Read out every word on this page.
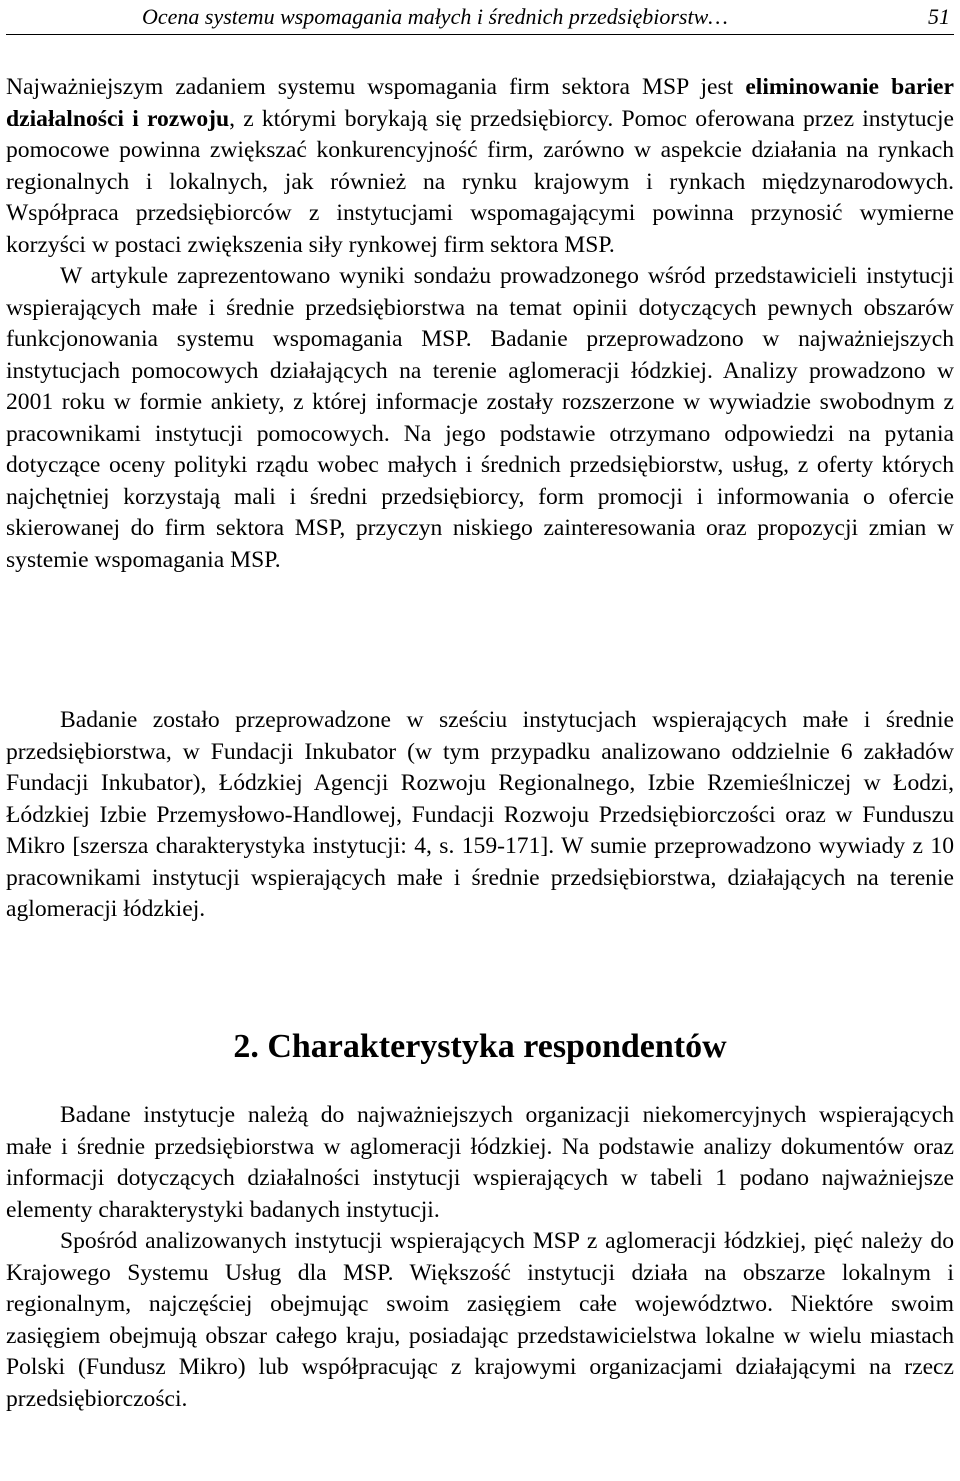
Ocena systemu wspomagania małych i średnich przedsiębiorstw…	51

Najważniejszym zadaniem systemu wspomagania firm sektora MSP jest eliminowanie barier działalności i rozwoju, z którymi borykają się przedsiębiorcy. Pomoc oferowana przez instytucje pomocowe powinna zwiększać konkurencyjność firm, zarówno w aspekcie działania na rynkach regionalnych i lokalnych, jak również na rynku krajowym i rynkach międzynarodowych. Współpraca przedsiębiorców z instytucjami wspomagającymi powinna przynosić wymierne korzyści w postaci zwiększenia siły rynkowej firm sektora MSP.

W artykule zaprezentowano wyniki sondażu prowadzonego wśród przedstawicieli instytucji wspierających małe i średnie przedsiębiorstwa na temat opinii dotyczących pewnych obszarów funkcjonowania systemu wspomagania MSP. Badanie przeprowadzono w najważniejszych instytucjach pomocowych działających na terenie aglomeracji łódzkiej. Analizy prowadzono w 2001 roku w formie ankiety, z której informacje zostały rozszerzone w wywiadzie swobodnym z pracownikami instytucji pomocowych. Na jego podstawie otrzymano odpowiedzi na pytania dotyczące oceny polityki rządu wobec małych i średnich przedsiębiorstw, usług, z oferty których najchętniej korzystają mali i średni przedsiębiorcy, form promocji i informowania o ofercie skierowanej do firm sektora MSP, przyczyn niskiego zainteresowania oraz propozycji zmian w systemie wspomagania MSP.

Badanie zostało przeprowadzone w sześciu instytucjach wspierających małe i średnie przedsiębiorstwa, w Fundacji Inkubator (w tym przypadku analizowano oddzielnie 6 zakładów Fundacji Inkubator), Łódzkiej Agencji Rozwoju Regionalnego, Izbie Rzemieślniczej w Łodzi, Łódzkiej Izbie Przemysłowo-Handlowej, Fundacji Rozwoju Przedsiębiorczości oraz w Funduszu Mikro [szersza charakterystyka instytucji: 4, s. 159-171]. W sumie przeprowadzono wywiady z 10 pracownikami instytucji wspierających małe i średnie przedsiębiorstwa, działających na terenie aglomeracji łódzkiej.

2. Charakterystyka respondentów

Badane instytucje należą do najważniejszych organizacji niekomercyjnych wspierających małe i średnie przedsiębiorstwa w aglomeracji łódzkiej. Na podstawie analizy dokumentów oraz informacji dotyczących działalności instytucji wspierających w tabeli 1 podano najważniejsze elementy charakterystyki badanych instytucji.

Spośród analizowanych instytucji wspierających MSP z aglomeracji łódzkiej, pięć należy do Krajowego Systemu Usług dla MSP. Większość instytucji działa na obszarze lokalnym i regionalnym, najczęściej obejmując swoim zasięgiem całe województwo. Niektóre swoim zasięgiem obejmują obszar całego kraju, posiadając przedstawicielstwa lokalne w wielu miastach Polski (Fundusz Mikro) lub współpracując z krajowymi organizacjami działającymi na rzecz przedsiębiorczości.
